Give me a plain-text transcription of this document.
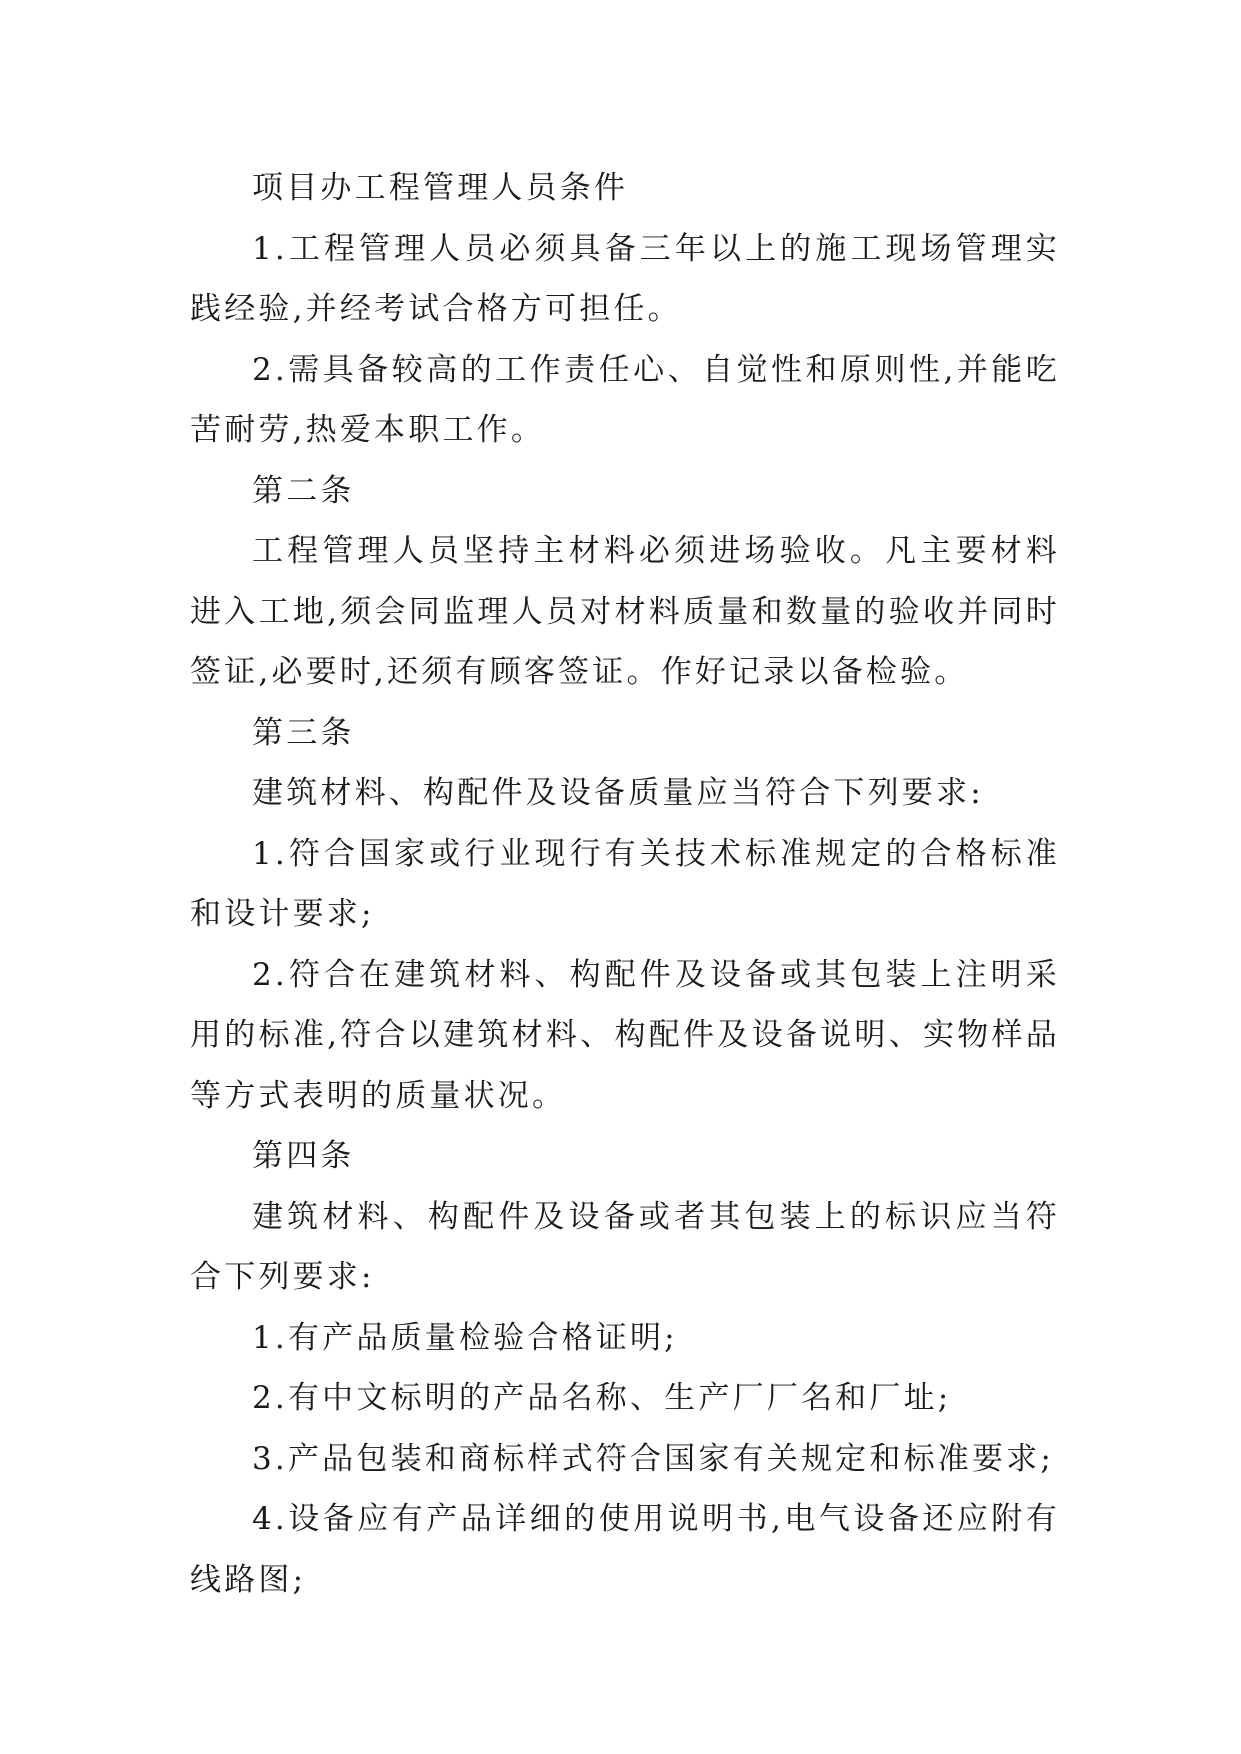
项目办工程管理人员条件

1.工程管理人员必须具备三年以上的施工现场管理实践经验,并经考试合格方可担任。

2.需具备较高的工作责任心、自觉性和原则性,并能吃苦耐劳,热爱本职工作。

第二条

工程管理人员坚持主材料必须进场验收。凡主要材料进入工地,须会同监理人员对材料质量和数量的验收并同时签证,必要时,还须有顾客签证。作好记录以备检验。

第三条

建筑材料、构配件及设备质量应当符合下列要求:

1.符合国家或行业现行有关技术标准规定的合格标准和设计要求;

2.符合在建筑材料、构配件及设备或其包装上注明采用的标准,符合以建筑材料、构配件及设备说明、实物样品等方式表明的质量状况。

第四条

建筑材料、构配件及设备或者其包装上的标识应当符合下列要求:

1.有产品质量检验合格证明;

2.有中文标明的产品名称、生产厂厂名和厂址;

3.产品包装和商标样式符合国家有关规定和标准要求;

4.设备应有产品详细的使用说明书,电气设备还应附有线路图;
